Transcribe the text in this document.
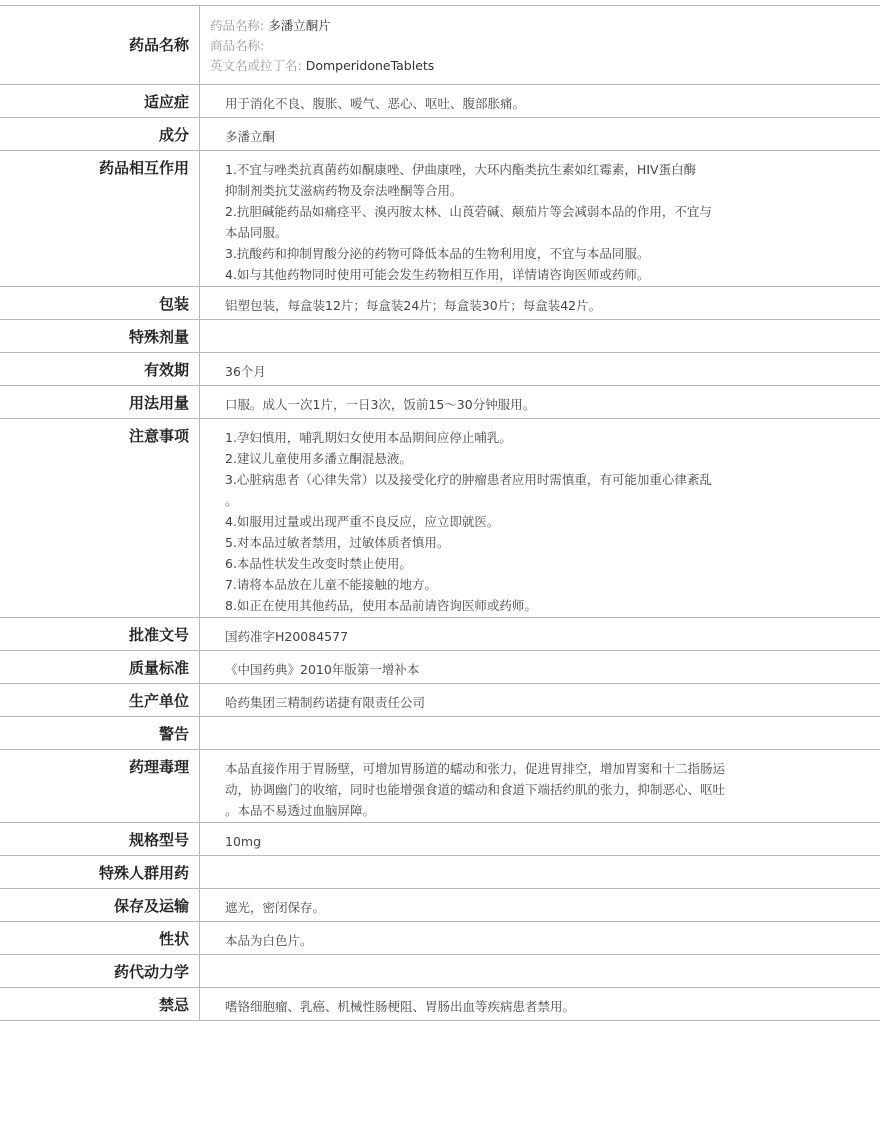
药品名称
药品名称: 多潘立酮片
商品名称:
英文名或拉丁名: DomperidoneTablets
适应症	用于消化不良、腹胀、嗳气、恶心、呕吐、腹部胀痛。
成分	多潘立酮
药品相互作用	1.不宜与唑类抗真菌药如酮康唑、伊曲康唑，大环内酯类抗生素如红霉素，HIV蛋白酶
抑制剂类抗艾滋病药物及奈法唑酮等合用。
2.抗胆碱能药品如痛痉平、溴丙胺太林、山莨菪碱、颠茄片等会减弱本品的作用，不宜与
本品同服。
3.抗酸药和抑制胃酸分泌的药物可降低本品的生物利用度，不宜与本品同服。
4.如与其他药物同时使用可能会发生药物相互作用，详情请咨询医师或药师。
包装	铝塑包装，每盒装12片；每盒装24片；每盒装30片；每盒装42片。
特殊剂量
有效期	36个月
用法用量	口服。成人一次1片，一日3次，饭前15～30分钟服用。
注意事项	1.孕妇慎用，哺乳期妇女使用本品期间应停止哺乳。
2.建议儿童使用多潘立酮混悬液。
3.心脏病患者（心律失常）以及接受化疗的肿瘤患者应用时需慎重，有可能加重心律紊乱
。
4.如服用过量或出现严重不良反应，应立即就医。
5.对本品过敏者禁用，过敏体质者慎用。
6.本品性状发生改变时禁止使用。
7.请将本品放在儿童不能接触的地方。
8.如正在使用其他药品，使用本品前请咨询医师或药师。
批准文号	国药准字H20084577
质量标准	《中国药典》2010年版第一增补本
生产单位	哈药集团三精制药诺捷有限责任公司
警告
药理毒理	本品直接作用于胃肠壁，可增加胃肠道的蠕动和张力，促进胃排空，增加胃窦和十二指肠运
动，协调幽门的收缩，同时也能增强食道的蠕动和食道下端括约肌的张力，抑制恶心、呕吐
。本品不易透过血脑屏障。
规格型号	10mg
特殊人群用药
保存及运输	遮光，密闭保存。
性状	本品为白色片。
药代动力学
禁忌	嗜铬细胞瘤、乳癌、机械性肠梗阻、胃肠出血等疾病患者禁用。
